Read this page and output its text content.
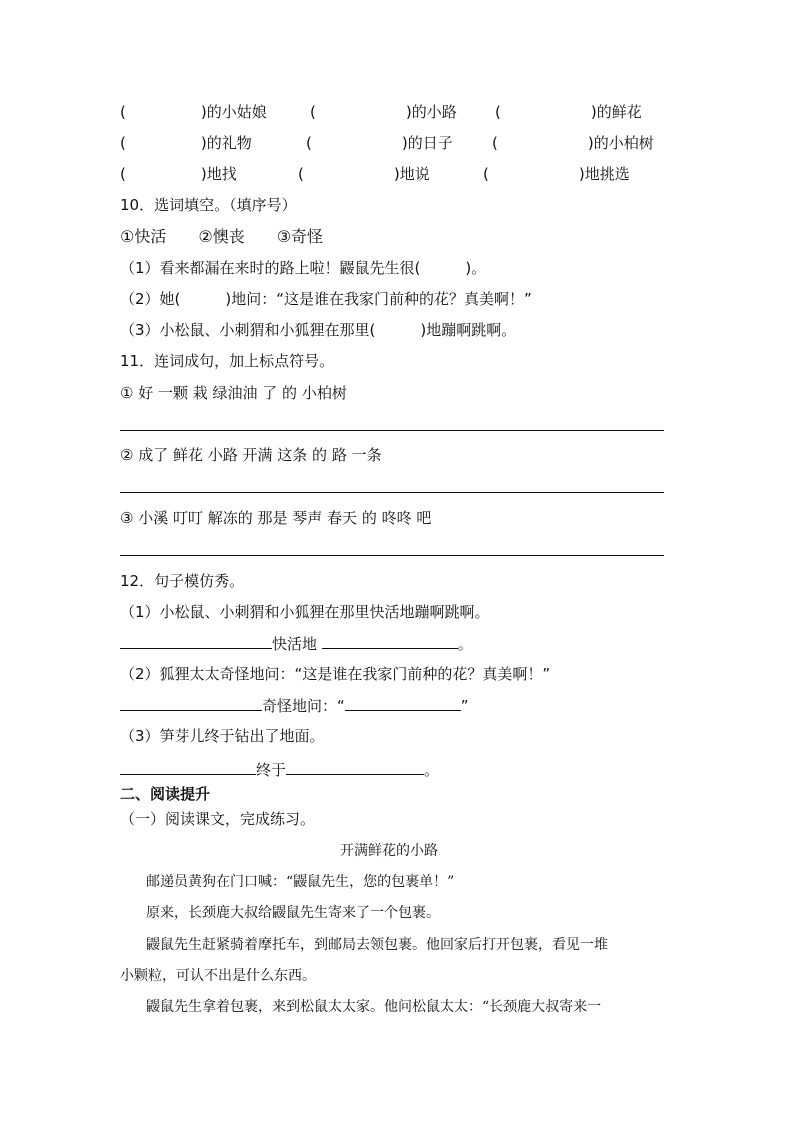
(　　　　　)的小姑娘	(　　　　　　)的小路	(　　　　　　)的鲜花
(　　　　　)的礼物	(　　　　　　)的日子	(　　　　　　)的小柏树
(　　　　　)地找	(　　　　　　)地说	(　　　　　　)地挑选
10．选词填空。（填序号）
①快活　　②懊丧　　③奇怪
（1）看来都漏在来时的路上啦！鼹鼠先生很(　　　)。
（2）她(　　　)地问：“这是谁在我家门前种的花？真美啊！”
（3）小松鼠、小刺猬和小狐狸在那里(　　　)地蹦啊跳啊。
11．连词成句，加上标点符号。
① 好 一颗 栽 绿油油 了 的 小柏树
② 成了 鲜花 小路 开满 这条 的 路 一条
③ 小溪 叮叮 解冻的 那是 琴声 春天 的 咚咚 吧
12．句子模仿秀。
（1）小松鼠、小刺猬和小狐狸在那里快活地蹦啊跳啊。
快活地	。
（2）狐狸太太奇怪地问：“这是谁在我家门前种的花？真美啊！”
奇怪地问：“	”
（3）笋芽儿终于钻出了地面。
终于	。
二、阅读提升
（一）阅读课文，完成练习。
开满鲜花的小路
邮递员黄狗在门口喊：“鼹鼠先生，您的包裹单！”
原来，长颈鹿大叔给鼹鼠先生寄来了一个包裹。
鼹鼠先生赶紧骑着摩托车，到邮局去领包裹。他回家后打开包裹，看见一堆
小颗粒，可认不出是什么东西。
鼹鼠先生拿着包裹，来到松鼠太太家。他问松鼠太太：“长颈鹿大叔寄来一
